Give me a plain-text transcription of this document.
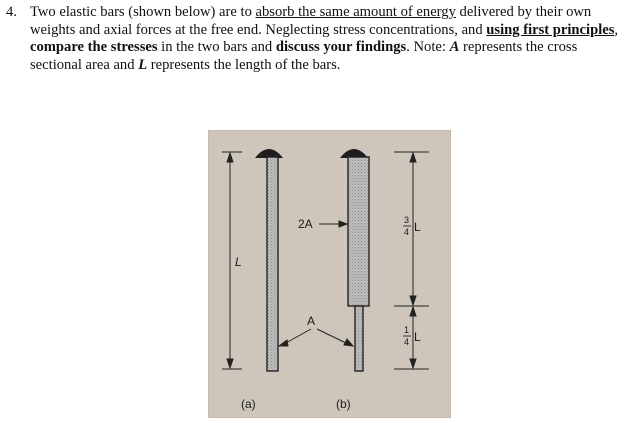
4. Two elastic bars (shown below) are to absorb the same amount of energy delivered by their own weights and axial forces at the free end. Neglecting stress concentrations, and using first principles, compare the stresses in the two bars and discuss your findings. Note: A represents the cross sectional area and L represents the length of the bars.
L
2A
A
3
4 L
1
4 L
(a)	(b)
